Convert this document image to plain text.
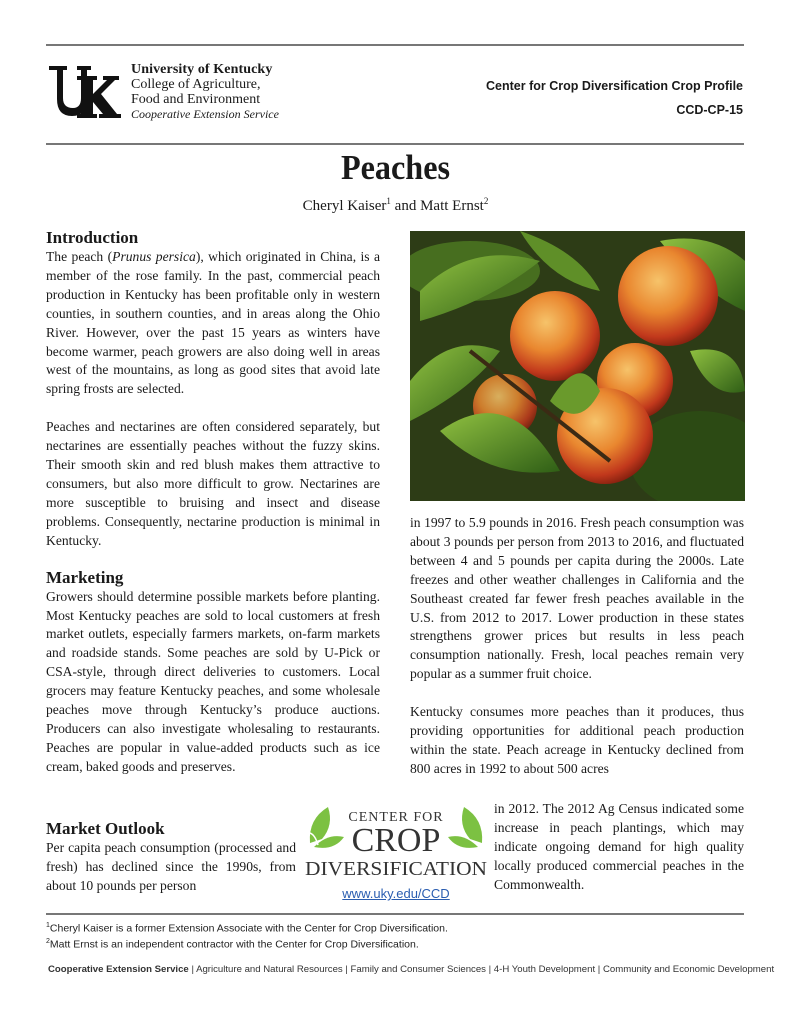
University of Kentucky
College of Agriculture,
Food and Environment
Cooperative Extension Service
Center for Crop Diversification Crop Profile
CCD-CP-15
Peaches
Cheryl Kaiser$^1$ and Matt Ernst$^2$
Introduction

The peach (Prunus persica), which originated in China, is a member of the rose family. In the past, commercial peach production in Kentucky has been profitable only in western counties, in southern counties, and in areas along the Ohio River. However, over the past 15 years as winters have become warmer, peach growers are also doing well in areas west of the mountains, as long as good sites that avoid late spring frosts are selected.

Peaches and nectarines are often considered separately, but nectarines are essentially peaches without the fuzzy skins. Their smooth skin and red blush makes them attractive to consumers, but also more difficult to grow. Nectarines are more susceptible to bruising and insect and disease problems. Consequently, nectarine production is minimal in Kentucky.

Marketing

Growers should determine possible markets before planting. Most Kentucky peaches are sold to local customers at fresh market outlets, especially farmers markets, on-farm markets and roadside stands. Some peaches are sold by U-Pick or CSA-style, through direct deliveries to customers. Local grocers may feature Kentucky peaches, and some wholesale peaches move through Kentucky’s produce auctions. Producers can also investigate wholesaling to restaurants. Peaches are popular in value-added products such as ice cream, baked goods and preserves.

Market Outlook

Per capita peach consumption (processed and fresh) has declined since the 1990s, from about 10 pounds per person

in 1997 to 5.9 pounds in 2016. Fresh peach consumption was about 3 pounds per person from 2013 to 2016, and fluctuated between 4 and 5 pounds per capita during the 2000s. Late freezes and other weather challenges in California and the Southeast created far fewer fresh peaches available in the U.S. from 2012 to 2017. Lower production in these states strengthens grower prices but results in less peach consumption nationally. Fresh, local peaches remain very popular as a summer fruit choice.

Kentucky consumes more peaches than it produces, thus providing opportunities for additional peach production within the state. Peach acreage in Kentucky declined from 800 acres in 1992 to about 500 acres

in 2012. The 2012 Ag Census indicated some increase in peach plantings, which may indicate ongoing demand for high quality locally produced commercial peaches in the Commonwealth.

CENTER FOR
CROP
DIVERSIFICATION
www.uky.edu/CCD
$^1$Cheryl Kaiser is a former Extension Associate with the Center for Crop Diversification.
$^2$Matt Ernst is an independent contractor with the Center for Crop Diversification.
Cooperative Extension Service | Agriculture and Natural Resources | Family and Consumer Sciences | 4-H Youth Development | Community and Economic Development
